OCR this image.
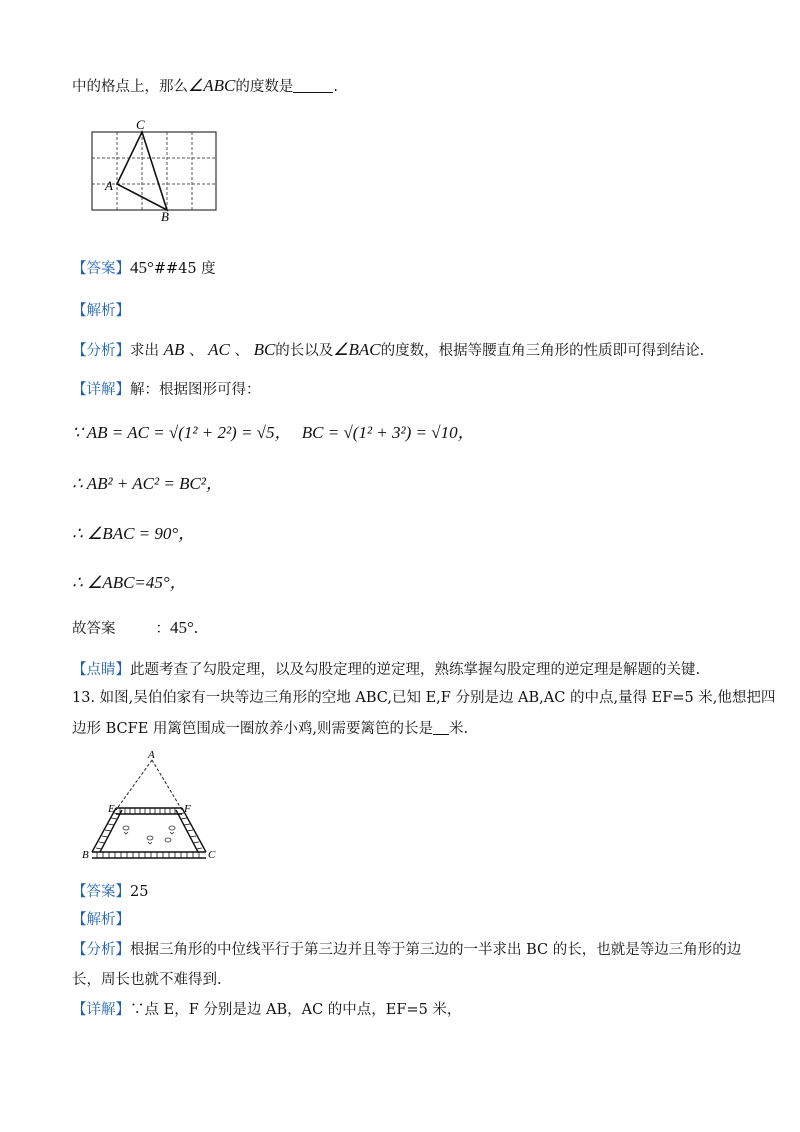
中的格点上，那么∠ABC的度数是	.
A
C
B
【答案】45°##45 度
【解析】
【分析】求出 AB 、 AC 、 BC的长以及∠BAC的度数，根据等腰直角三角形的性质即可得到结论.
【详解】解：根据图形可得：
∵ AB = AC = √(1² + 2²) = √5， BC = √(1² + 3²) = √10，
∴ AB² + AC² = BC²，
∴ ∠BAC = 90°，
∴ ∠ABC=45°，
故答案	：45°.
【点睛】此题考查了勾股定理，以及勾股定理的逆定理，熟练掌握勾股定理的逆定理是解题的关键.
13. 如图,吴伯伯家有一块等边三角形的空地 ABC,已知 E,F 分别是边 AB,AC 的中点,量得 EF=5 米,他想把四
边形 BCFE 用篱笆围成一圈放养小鸡,则需要篱笆的长是 米.
A
E	F
B	C
【答案】25
【解析】
【分析】根据三角形的中位线平行于第三边并且等于第三边的一半求出 BC 的长，也就是等边三角形的边
长，周长也就不难得到.
【详解】∵点 E，F 分别是边 AB，AC 的中点，EF=5 米，
